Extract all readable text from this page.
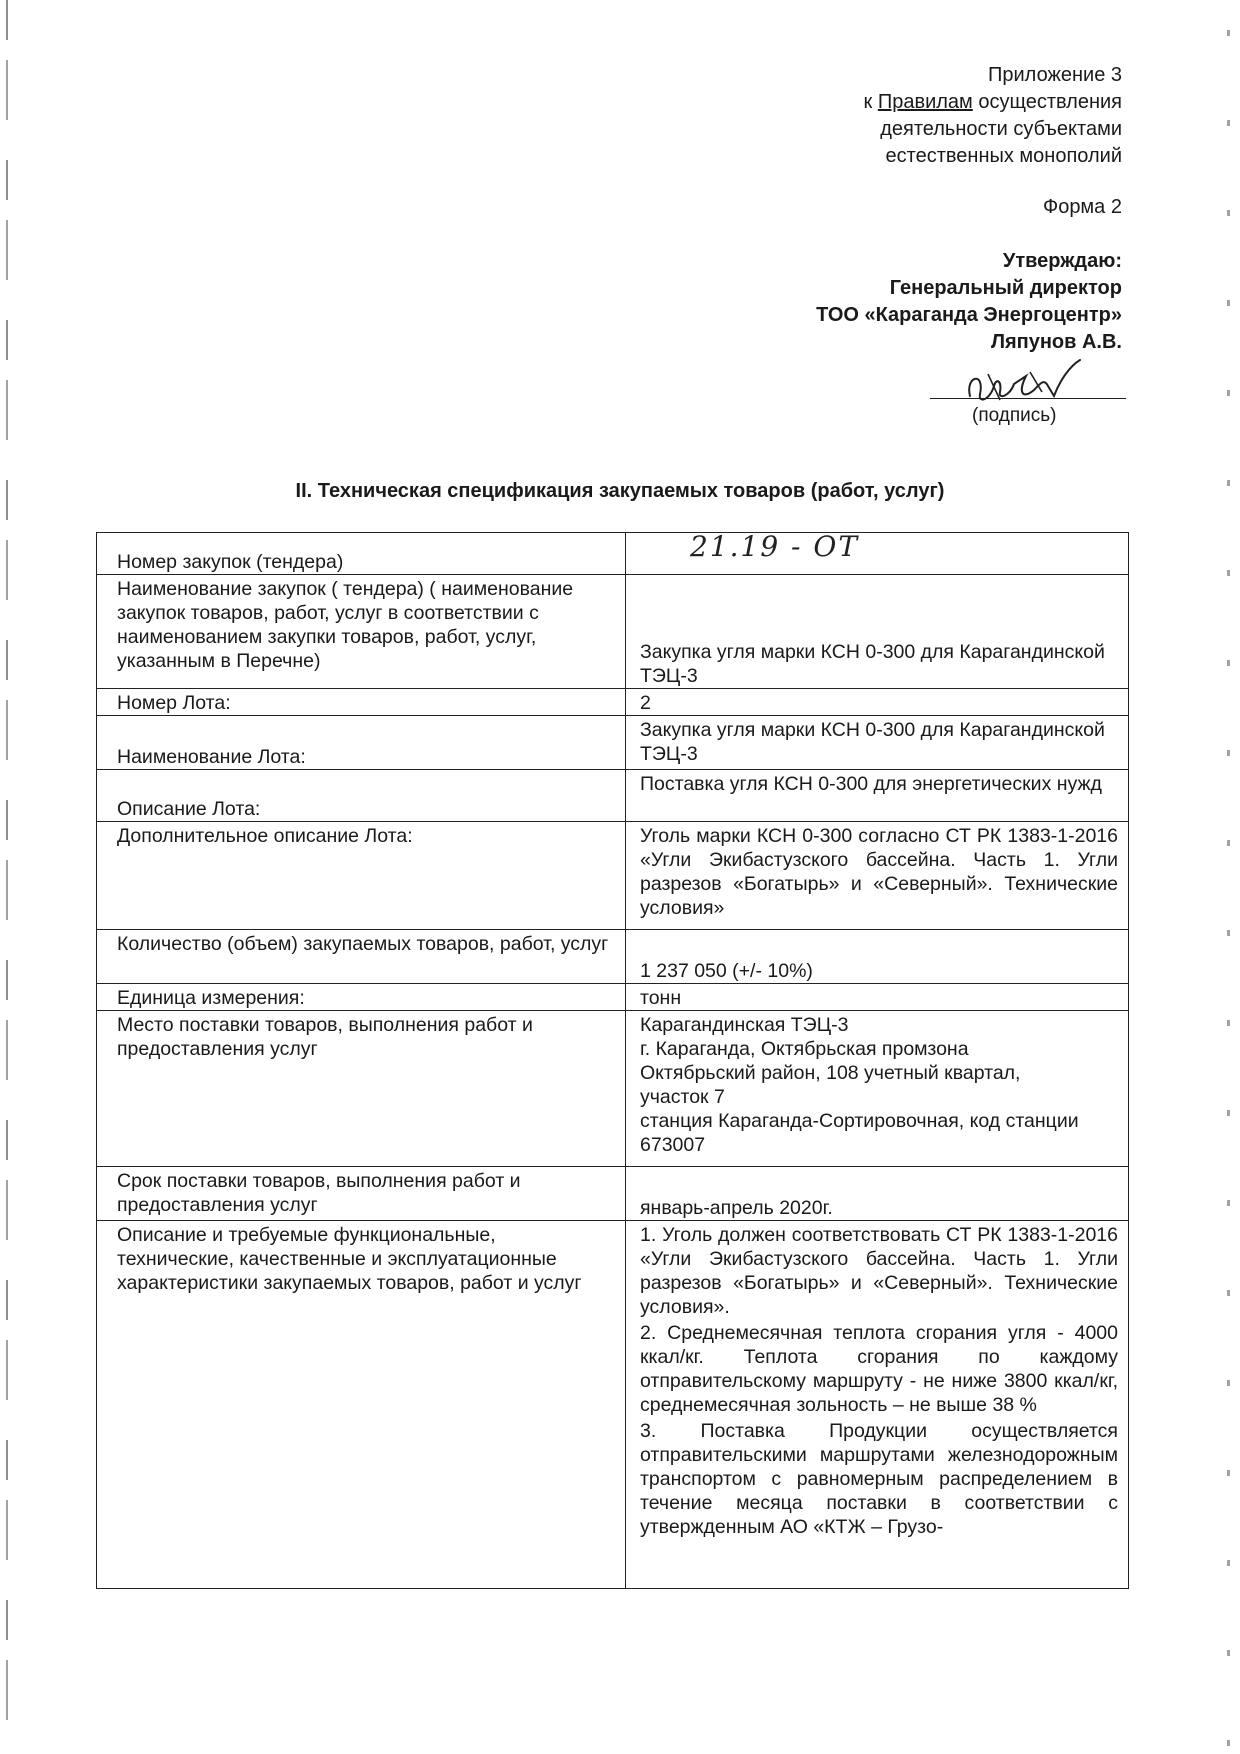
Приложение 3
к Правилам осуществления
деятельности субъектами
естественных монополий
Форма 2
Утверждаю:
Генеральный директор
ТОО «Караганда Энергоцентр»
Ляпунов А.В.
(подпись)
II. Техническая спецификация закупаемых товаров (работ, услуг)
Номер закупок (тендера)	21.19 - ОТ
Наименование закупок ( тендера) ( наименование закупок товаров, работ, услуг в соответствии с наименованием закупки товаров, работ, услуг, указанным в Перечне)	Закупка угля марки КСН 0-300 для Карагандинской ТЭЦ-3
Номер Лота:	2
Наименование Лота:	Закупка угля марки КСН 0-300 для Карагандинской ТЭЦ-3
Описание Лота:	Поставка угля КСН 0-300 для энергетических нужд
Дополнительное описание Лота:	Уголь марки КСН 0-300 согласно СТ РК 1383-1-2016 «Угли Экибастузского бассейна. Часть 1. Угли разрезов «Богатырь» и «Северный». Технические условия»
Количество (объем) закупаемых товаров, работ, услуг	1 237 050 (+/- 10%)
Единица измерения:	тонн
Место поставки товаров, выполнения работ и предоставления услуг	Карагандинская ТЭЦ-3
г. Караганда, Октябрьская промзона
Октябрьский район, 108 учетный квартал,
участок 7
станция Караганда-Сортировочная, код станции 673007

Срок поставки товаров, выполнения работ и предоставления услуг	январь-апрель 2020г.
Описание и требуемые функциональные, технические, качественные и эксплуатационные характеристики закупаемых товаров, работ и услуг	1. Уголь должен соответствовать СТ РК 1383-1-2016 «Угли Экибастузского бассейна. Часть 1. Угли разрезов «Богатырь» и «Северный». Технические условия».
2. Среднемесячная теплота сгорания угля - 4000 ккал/кг. Теплота сгорания по каждому отправительскому маршруту - не ниже 3800 ккал/кг, среднемесячная зольность – не выше 38 %
3. Поставка Продукции осуществляется отправительскими маршрутами железнодорожным транспортом с равномерным распределением в течение месяца поставки в соответствии с утвержденным АО «КТЖ – Грузо-
